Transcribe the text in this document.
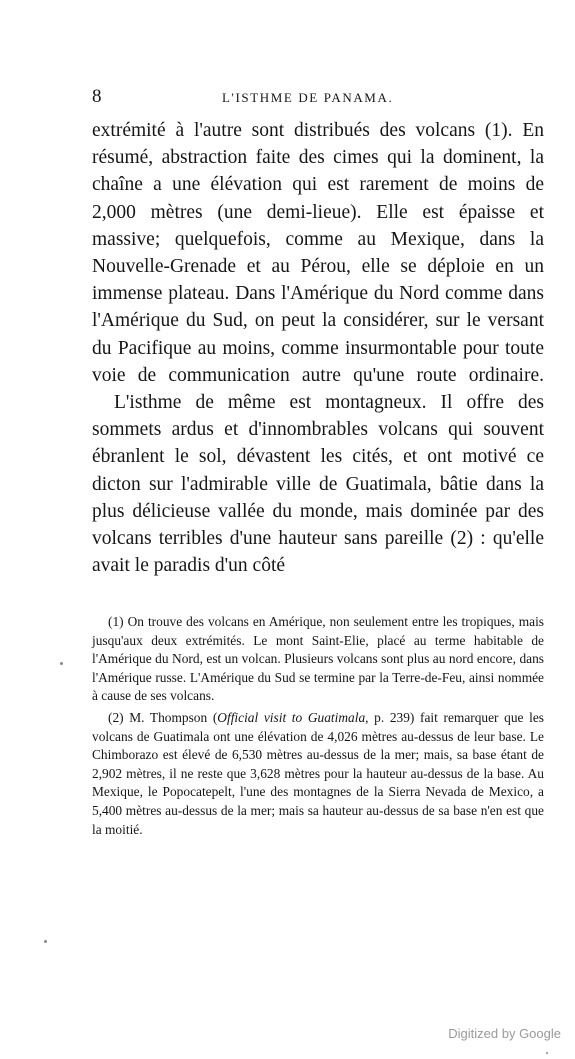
8	L'ISTHME DE PANAMA.

extrémité à l'autre sont distribués des volcans (1). En résumé, abstraction faite des cimes qui la dominent, la chaîne a une élévation qui est rarement de moins de 2,000 mètres (une demi-lieue). Elle est épaisse et massive; quelquefois, comme au Mexique, dans la Nouvelle-Grenade et au Pérou, elle se déploie en un immense plateau. Dans l'Amérique du Nord comme dans l'Amérique du Sud, on peut la considérer, sur le versant du Pacifique au moins, comme insurmontable pour toute voie de communication autre qu'une route ordinaire.

L'isthme de même est montagneux. Il offre des sommets ardus et d'innombrables volcans qui souvent ébranlent le sol, dévastent les cités, et ont motivé ce dicton sur l'admirable ville de Guatimala, bâtie dans la plus délicieuse vallée du monde, mais dominée par des volcans terribles d'une hauteur sans pareille (2) : qu'elle avait le paradis d'un côté

(1) On trouve des volcans en Amérique, non seulement entre les tropiques, mais jusqu'aux deux extrémités. Le mont Saint-Elie, placé au terme habitable de l'Amérique du Nord, est un volcan. Plusieurs volcans sont plus au nord encore, dans l'Amérique russe. L'Amérique du Sud se termine par la Terre-de-Feu, ainsi nommée à cause de ses volcans.

(2) M. Thompson (Official visit to Guatimala, p. 239) fait remarquer que les volcans de Guatimala ont une élévation de 4,026 mètres au-dessus de leur base. Le Chimborazo est élevé de 6,530 mètres au-dessus de la mer; mais, sa base étant de 2,902 mètres, il ne reste que 3,628 mètres pour la hauteur au-dessus de la base. Au Mexique, le Popocatepelt, l'une des montagnes de la Sierra Nevada de Mexico, a 5,400 mètres au-dessus de la mer; mais sa hauteur au-dessus de sa base n'en est que la moitié.

Digitized by Google
